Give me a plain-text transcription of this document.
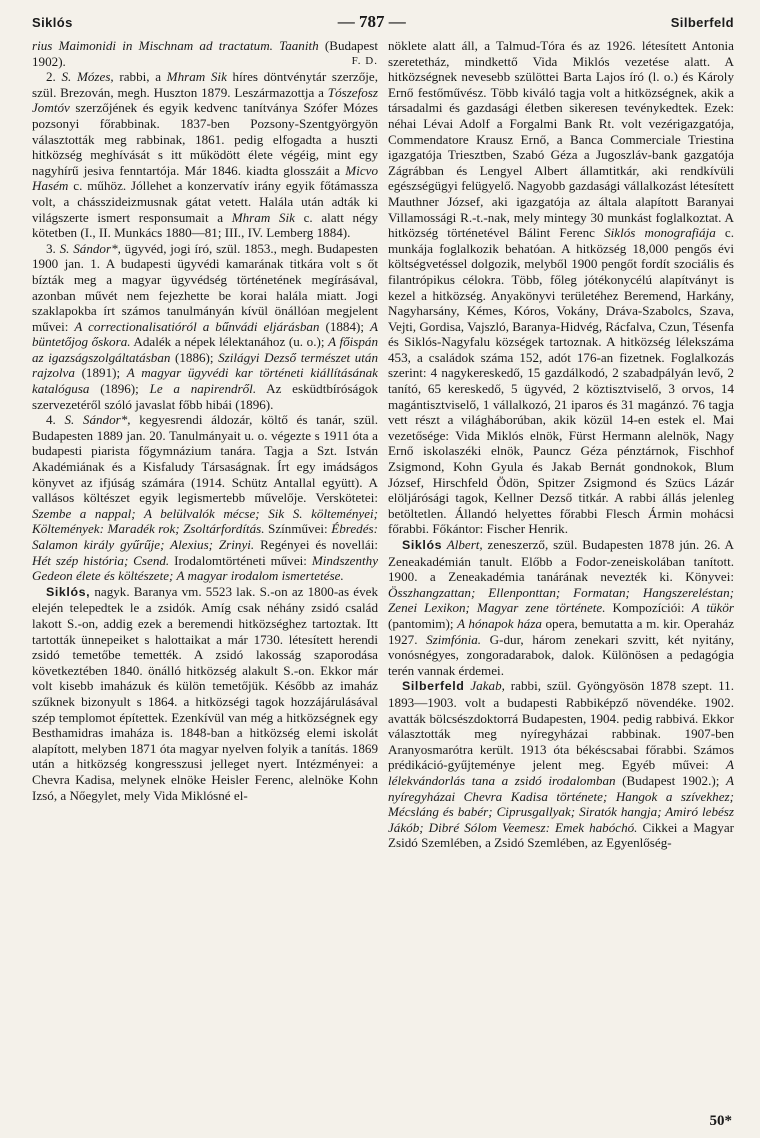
Siklós	— 787 —	Silberfeld

rius Maimonidi in Mischnam ad tractatum. Taanith (Budapest 1902).	F. D.

2. S. Mózes, rabbi, a Mhram Sik híres döntvénytár szerzője, szül. Brezován, megh. Huszton 1879. Leszármazottja a Tószefosz Jomtóv szerzőjének és egyik kedvenc tanítványa Szófer Mózes pozsonyi főrabbinak. 1837-ben Pozsony-Szentgyörgyön választották meg rabbinak, 1861. pedig elfogadta a huszti hitközség meghívását s itt működött élete végéig, mint egy nagyhírű jesiva fenntartója. Már 1846. kiadta glosszáit a Micvo Hasém c. műhöz. Jóllehet a konzervatív irány egyik főtámassza volt, a chásszideizmusnak gátat vetett. Halála után adták ki világszerte ismert responsumait a Mhram Sik c. alatt négy kötetben (I., II. Munkács 1880—81; III., IV. Lemberg 1884).

3. S. Sándor*, ügyvéd, jogi író, szül. 1853., megh. Budapesten 1900 jan. 1. A budapesti ügyvédi kamarának titkára volt s őt bízták meg a magyar ügyvédség történetének megírásával, azonban művét nem fejezhette be korai halála miatt. Jogi szaklapokba írt számos tanulmányán kívül önállóan megjelent művei: A correctionalisatióról a bűnvádi eljárásban (1884); A büntetőjog őskora. Adalék a népek lélektanához (u. o.); A főispán az igazságszolgáltatásban (1886); Szilágyi Dezső természet után rajzolva (1891); A magyar ügyvédi kar történeti kiállításának katalógusa (1896); Le a napirendről. Az esküdtbíróságok szervezetéről szóló javaslat főbb hibái (1896).

4. S. Sándor*, kegyesrendi áldozár, költő és tanár, szül. Budapesten 1889 jan. 20. Tanulmányait u. o. végezte s 1911 óta a budapesti piarista főgymnázium tanára. Tagja a Szt. István Akadémiának és a Kisfaludy Társaságnak. Írt egy imádságos könyvet az ifjúság számára (1914. Schütz Antallal együtt). A vallásos költészet egyik legismertebb művelője. Verskötetei: Szembe a nappal; A belülvalók mécse; Sik S. költeményei; Költemények: Maradék rok; Zsoltárfordítás. Színművei: Ébredés: Salamon király gyűrűje; Alexius; Zrinyi. Regényei és novellái: Hét szép história; Csend. Irodalomtörténeti művei: Mindszenthy Gedeon élete és költészete; A magyar irodalom ismertetése.

Siklós, nagyk. Baranya vm. 5523 lak. S.-on az 1800-as évek elején telepedtek le a zsidók. Amíg csak néhány zsidó család lakott S.-on, addig ezek a beremendi hitközséghez tartoztak. Itt tartották ünnepeiket s halottaikat a már 1730. létesített herendi zsidó temetőbe temették. A zsidó lakosság szaporodása következtében 1840. önálló hitközség alakult S.-on. Ekkor már volt kisebb imaházuk és külön temetőjük. Később az imaház szűknek bizonyult s 1864. a hitközségi tagok hozzájárulásával szép templomot építettek. Ezenkívül van még a hitközségnek egy Besthamidras imaháza is. 1848-ban a hitközség elemi iskolát alapított, melyben 1871 óta magyar nyelven folyik a tanítás. 1869 után a hitközség kongresszusi jelleget nyert. Intézményei: a Chevra Kadisa, melynek elnöke Heisler Ferenc, alelnöke Kohn Izsó, a Nőegylet, mely Vida Miklósné el-

nöklete alatt áll, a Talmud-Tóra és az 1926. létesített Antonia szeretetház, mindkettő Vida Miklós vezetése alatt. A hitközségnek nevesebb szülöttei Barta Lajos író (l. o.) és Károly Ernő festőművész. Több kiváló tagja volt a hitközségnek, akik a társadalmi és gazdasági életben sikeresen tevénykedtek. Ezek: néhai Lévai Adolf a Forgalmi Bank Rt. volt vezérigazgatója, Commendatore Krausz Ernő, a Banca Commerciale Triestina igazgatója Triesztben, Szabó Géza a Jugoszláv-bank gazgatója Zágrábban és Lengyel Albert államtitkár, aki rendkívüli egészségügyi felügyelő. Nagyobb gazdasági vállalkozást létesített Mauthner József, aki igazgatója az általa alapított Baranyai Villamossági R.-t.-nak, mely mintegy 30 munkást foglalkoztat. A hitközség történetével Bálint Ferenc Siklós monografiája c. munkája foglalkozik behatóan. A hitközség 18,000 pengős évi költségvetéssel dolgozik, melyből 1900 pengőt fordít szociális és filantrópikus célokra. Több, főleg jótékonycélú alapítványt is kezel a hitközség. Anyakönyvi területéhez Beremend, Harkány, Nagyharsány, Kémes, Kóros, Vokány, Dráva-Szabolcs, Szava, Vejti, Gordisa, Vajszló, Baranya-Hidvég, Rácfalva, Czun, Tésenfa és Siklós-Nagyfalu községek tartoznak. A hitközség lélekszáma 453, a családok száma 152, adót 176-an fizetnek. Foglalkozás szerint: 4 nagykereskedő, 15 gazdálkodó, 2 szabadpályán levő, 2 tanító, 65 kereskedő, 5 ügyvéd, 2 köztisztviselő, 3 orvos, 14 magántisztviselő, 1 vállalkozó, 21 iparos és 31 magánzó. 76 tagja vett részt a világháborúban, akik közül 14-en estek el. Mai vezetősége: Vida Miklós elnök, Fürst Hermann alelnök, Nagy Ernő iskolaszéki elnök, Pauncz Géza pénztárnok, Fischhof Zsigmond, Kohn Gyula és Jakab Bernát gondnokok, Blum József, Hirschfeld Ödön, Spitzer Zsigmond és Szücs Lázár elöljárósági tagok, Kellner Dezső titkár. A rabbi állás jelenleg betöltetlen. Állandó helyettes főrabbi Flesch Ármin mohácsi főrabbi. Főkántor: Fischer Henrik.

Siklós Albert, zeneszerző, szül. Budapesten 1878 jún. 26. A Zeneakadémián tanult. Előbb a Fodor-zeneiskolában tanított. 1900. a Zeneakadémia tanárának nevezték ki. Könyvei: Összhangzattan; Ellenponttan; Formatan; Hangszereléstan; Zenei Lexikon; Magyar zene története. Kompozíciói: A tükör (pantomim); A hónapok háza opera, bemutatta a m. kir. Operaház 1927. Szimfónia. G-dur, három zenekari szvitt, két nyitány, vonósnégyes, zongoradarabok, dalok. Különösen a pedagógia terén vannak érdemei.

Silberfeld Jakab, rabbi, szül. Gyöngyösön 1878 szept. 11. 1893—1903. volt a budapesti Rabbiképző növendéke. 1902. avatták bölcsészdoktorrá Budapesten, 1904. pedig rabbivá. Ekkor választották meg nyíregyházai rabbinak. 1907-ben Aranyosmarótra került. 1913 óta békéscsabai főrabbi. Számos prédikáció-gyűjteménye jelent meg. Egyéb művei: A lélekvándorlás tana a zsidó irodalomban (Budapest 1902.); A nyíregyházai Chevra Kadisa története; Hangok a szívekhez; Mécsláng és babér; Ciprusgallyak; Siratók hangja; Amiró lebész Jákób; Dibré Sólom Veemesz: Emek habóchó. Cikkei a Magyar Zsidó Szemlében, a Zsidó Szemlében, az Egyenlőség-

50*
